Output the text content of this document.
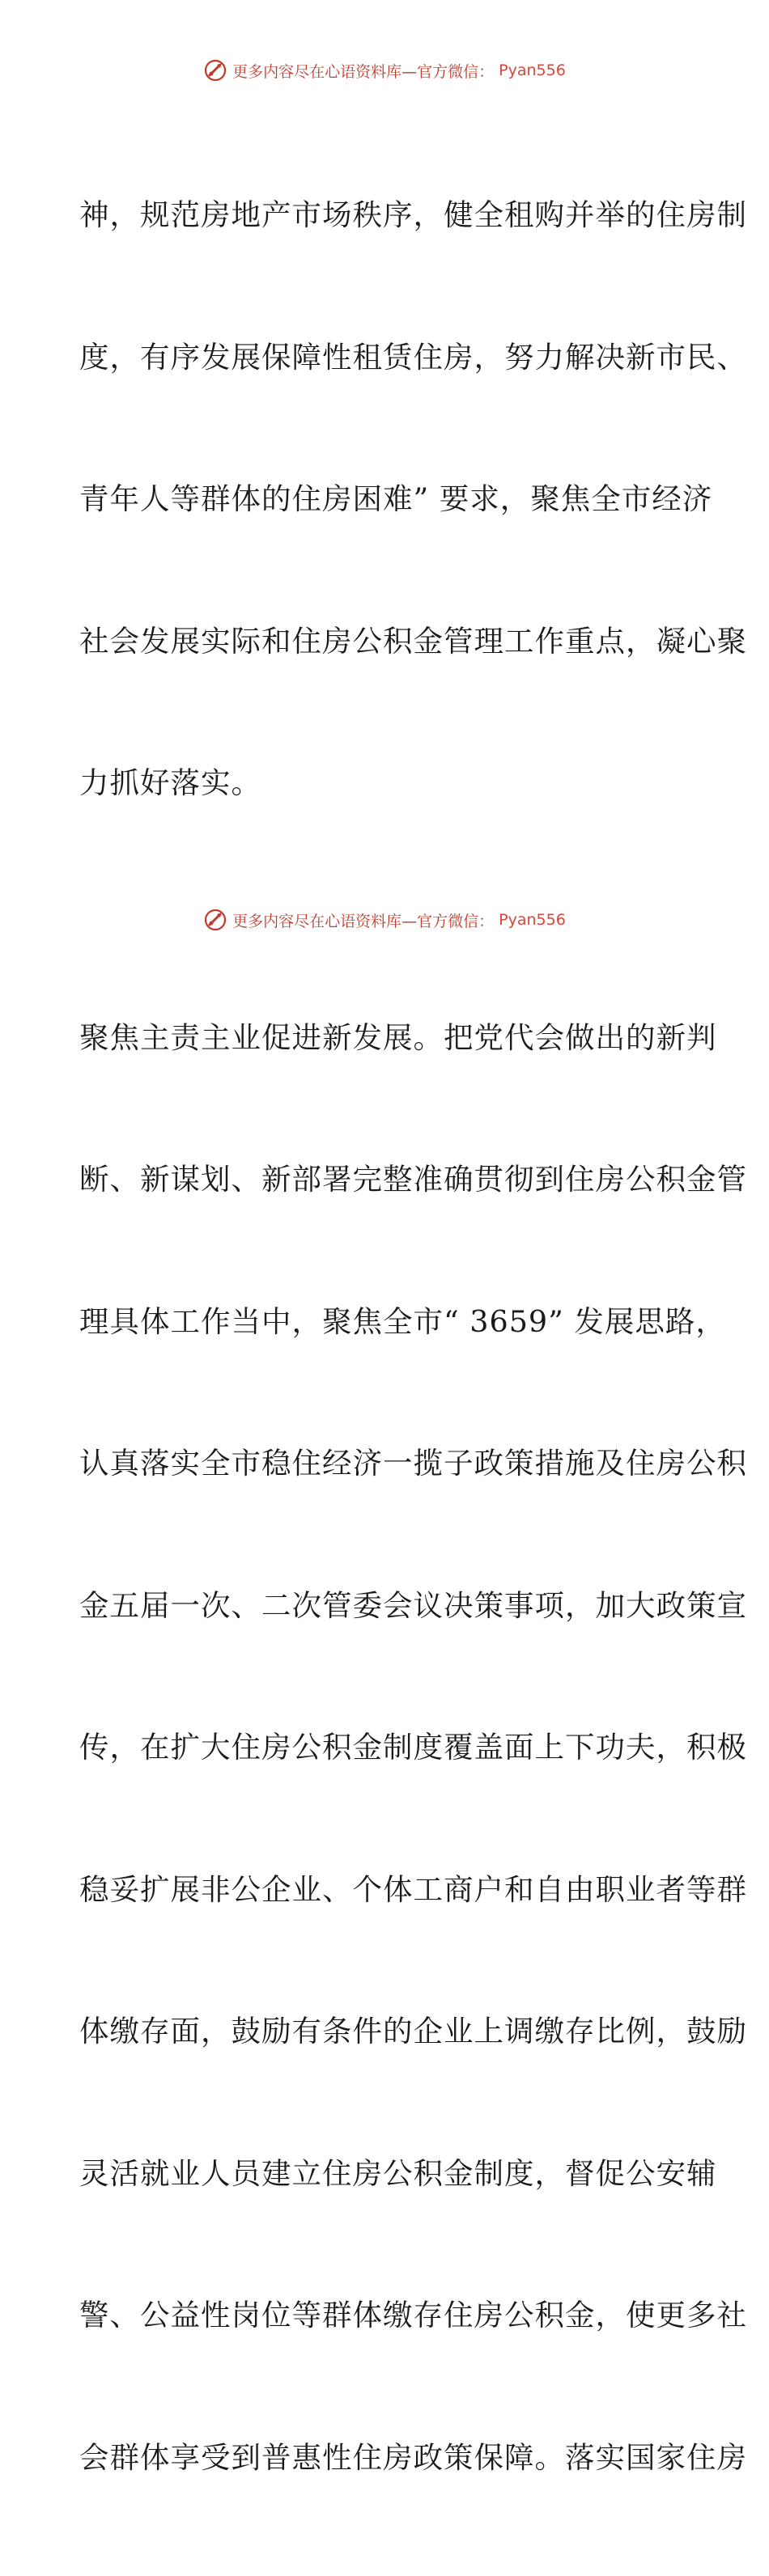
更多内容尽在心语资料库—官方微信： Pyan556

神，规范房地产市场秩序，健全租购并举的住房制

度，有序发展保障性租赁住房，努力解决新市民、

青年人等群体的住房困难” 要求，聚焦全市经济

社会发展实际和住房公积金管理工作重点，凝心聚

力抓好落实。

聚焦主责主业促进新发展。把党代会做出的新判

断、新谋划、新部署完整准确贯彻到住房公积金管

理具体工作当中，聚焦全市“ 3659” 发展思路，

认真落实全市稳住经济一揽子政策措施及住房公积

金五届一次、二次管委会议决策事项，加大政策宣

传，在扩大住房公积金制度覆盖面上下功夫，积极

稳妥扩展非公企业、个体工商户和自由职业者等群

体缴存面，鼓励有条件的企业上调缴存比例，鼓励

灵活就业人员建立住房公积金制度，督促公安辅

警、公益性岗位等群体缴存住房公积金，使更多社

会群体享受到普惠性住房政策保障。落实国家住房

更多内容尽在心语资料库—官方微信： Pyan556
